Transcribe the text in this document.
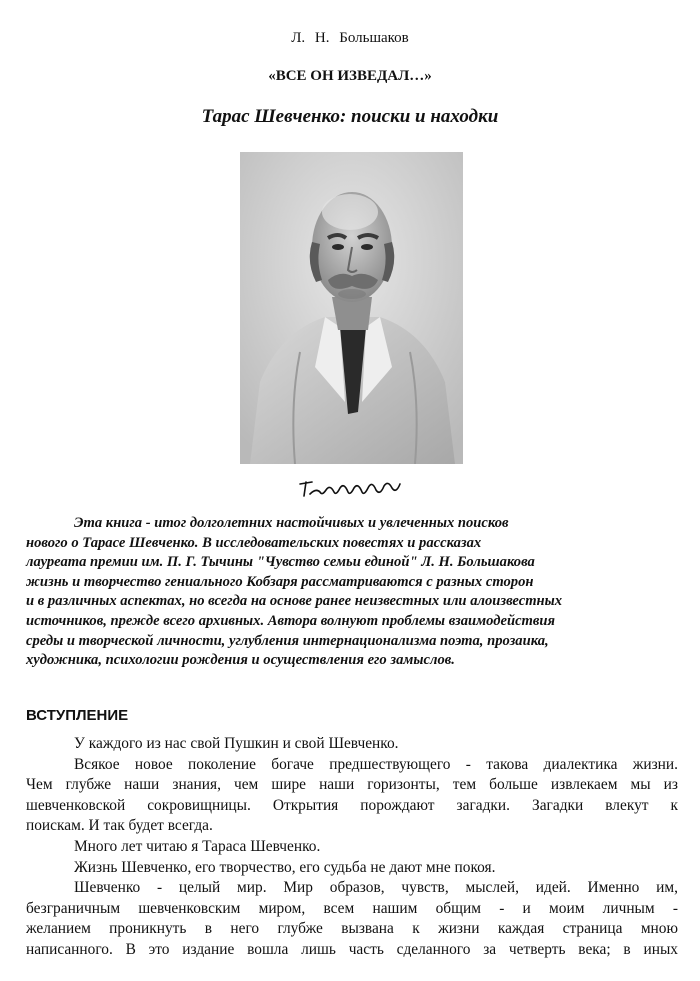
Л. Н. Большаков
«ВСЕ ОН ИЗВЕДАЛ…»
Тарас Шевченко: поиски и находки
Эта книга - итог долголетних настойчивых и увлеченных поисков
нового о Тарасе Шевченко. В исследовательских повестях и рассказах
лауреата премии им. П. Г. Тычины "Чувство семьи единой" Л. Н. Большакова
жизнь и творчество гениального Кобзаря рассматриваются с разных сторон
и в различных аспектах, но всегда на основе ранее неизвестных или алоизвестных
источников, прежде всего архивных. Автора волнуют проблемы взаимодействия
среды и творческой личности, углубления интернационализма поэта, прозаика,
художника, психологии рождения и осуществления его замыслов.
ВСТУПЛЕНИЕ
У каждого из нас свой Пушкин и свой Шевченко.
Всякое новое поколение богаче предшествующего - такова диалектика жизни.
Чем глубже наши знания, чем шире наши горизонты, тем больше извлекаем мы из
шевченковской сокровищницы. Открытия порождают загадки. Загадки влекут к
поискам. И так будет всегда.
Много лет читаю я Тараса Шевченко.
Жизнь Шевченко, его творчество, его судьба не дают мне покоя.
Шевченко - целый мир. Мир образов, чувств, мыслей, идей. Именно им,
безграничным шевченковским миром, всем нашим общим - и моим личным -
желанием проникнуть в него глубже вызвана к жизни каждая страница мною
написанного. В это издание вошла лишь часть сделанного за четверть века; в иных
